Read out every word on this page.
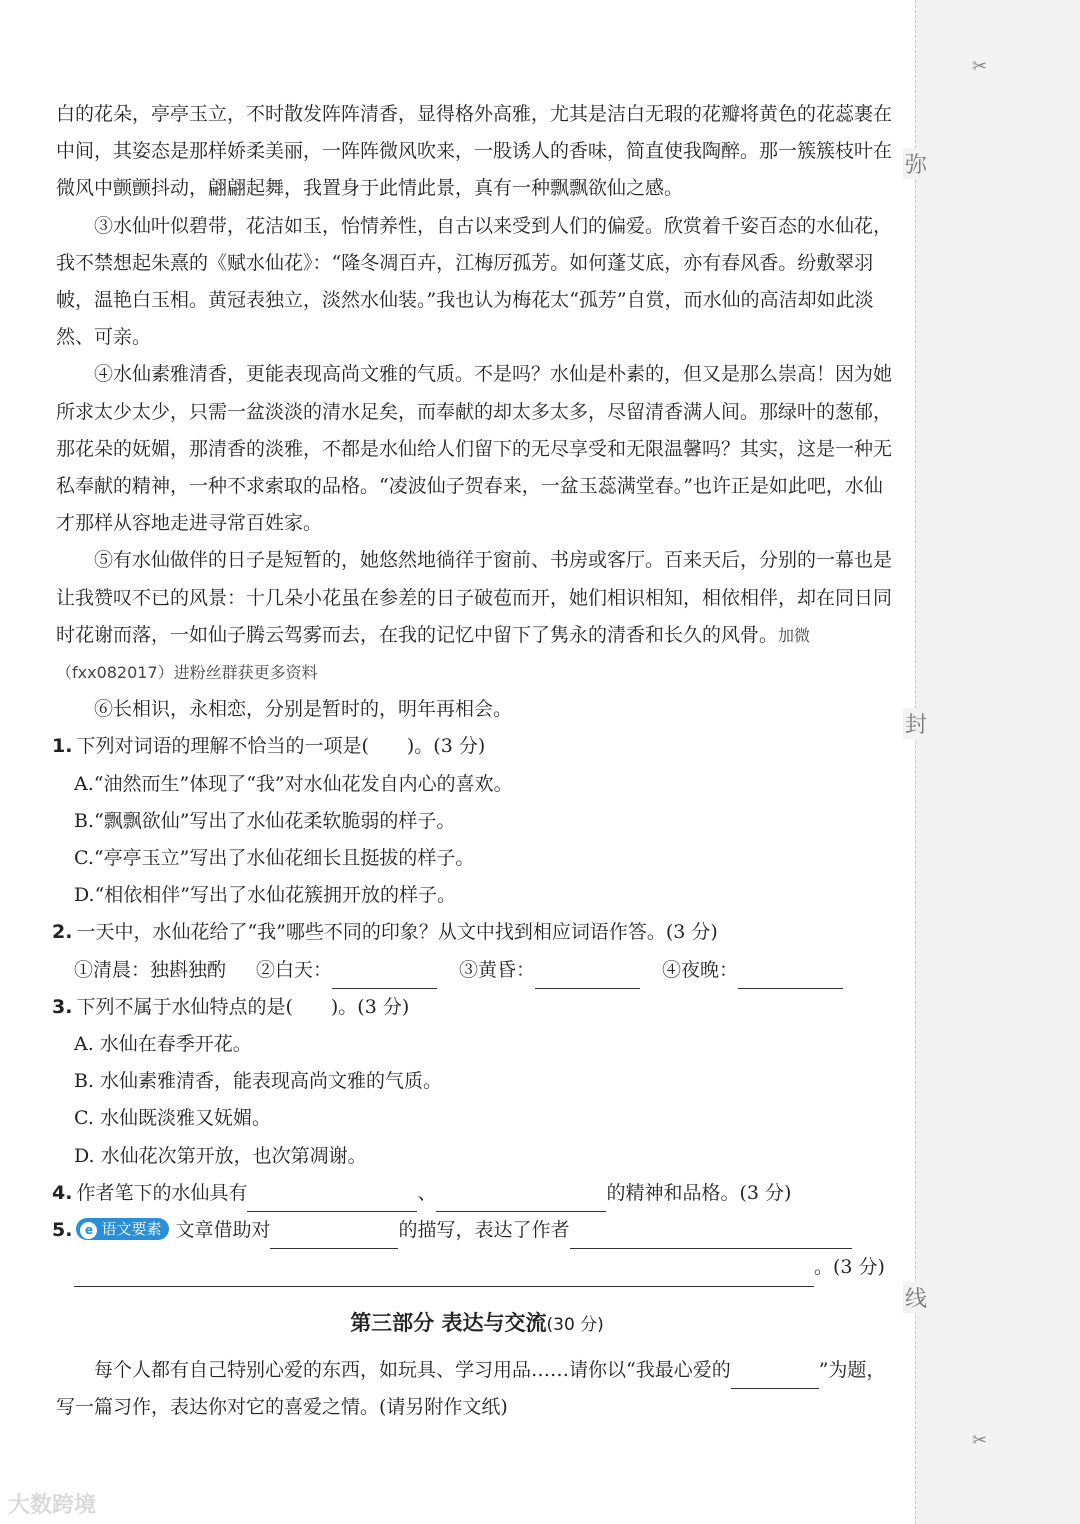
✂
弥
封
线
✂

白的花朵，亭亭玉立，不时散发阵阵清香，显得格外高雅，尤其是洁白无瑕的花瓣将黄色的花蕊裹在中间，其姿态是那样娇柔美丽，一阵阵微风吹来，一股诱人的香味，简直使我陶醉。那一簇簇枝叶在微风中颤颤抖动，翩翩起舞，我置身于此情此景，真有一种飘飘欲仙之感。

③水仙叶似碧带，花洁如玉，怡情养性，自古以来受到人们的偏爱。欣赏着千姿百态的水仙花，我不禁想起朱熹的《赋水仙花》：“隆冬凋百卉，江梅厉孤芳。如何蓬艾底，亦有春风香。纷敷翠羽帔，温艳白玉相。黄冠表独立，淡然水仙装。”我也认为梅花太“孤芳”自赏，而水仙的高洁却如此淡然、可亲。

④水仙素雅清香，更能表现高尚文雅的气质。不是吗？水仙是朴素的，但又是那么崇高！因为她所求太少太少，只需一盆淡淡的清水足矣，而奉献的却太多太多，尽留清香满人间。那绿叶的葱郁，那花朵的妩媚，那清香的淡雅，不都是水仙给人们留下的无尽享受和无限温馨吗？其实，这是一种无私奉献的精神，一种不求索取的品格。“凌波仙子贺春来，一盆玉蕊满堂春。”也许正是如此吧，水仙才那样从容地走进寻常百姓家。

⑤有水仙做伴的日子是短暂的，她悠然地徜徉于窗前、书房或客厅。百来天后，分别的一幕也是让我赞叹不已的风景：十几朵小花虽在参差的日子破苞而开，她们相识相知，相依相伴，却在同日同时花谢而落，一如仙子腾云驾雾而去，在我的记忆中留下了隽永的清香和长久的风骨。加微（fxx082017）进粉丝群获更多资料

⑥长相识，永相恋，分别是暂时的，明年再相会。

1. 下列对词语的理解不恰当的一项是(　　)。(3 分)

A.“油然而生”体现了“我”对水仙花发自内心的喜欢。

B.“飘飘欲仙”写出了水仙花柔软脆弱的样子。

C.“亭亭玉立”写出了水仙花细长且挺拔的样子。

D.“相依相伴”写出了水仙花簇拥开放的样子。

2. 一天中，水仙花给了“我”哪些不同的印象？从文中找到相应词语作答。(3 分)

①清晨：独斟独酌 ②白天：	③黄昏：	④夜晚：

3. 下列不属于水仙特点的是(　　)。(3 分)

A. 水仙在春季开花。

B. 水仙素雅清香，能表现高尚文雅的气质。

C. 水仙既淡雅又妩媚。

D. 水仙花次第开放，也次第凋谢。

4. 作者笔下的水仙具有	、	的精神和品格。(3 分)

5. e 语文要素 文章借助对	的描写，表达了作者

。(3 分)

第三部分 表达与交流(30 分)

每个人都有自己特别心爱的东西，如玩具、学习用品……请你以“我最心爱的	”为题，写一篇习作，表达你对它的喜爱之情。(请另附作文纸)

大数跨境
